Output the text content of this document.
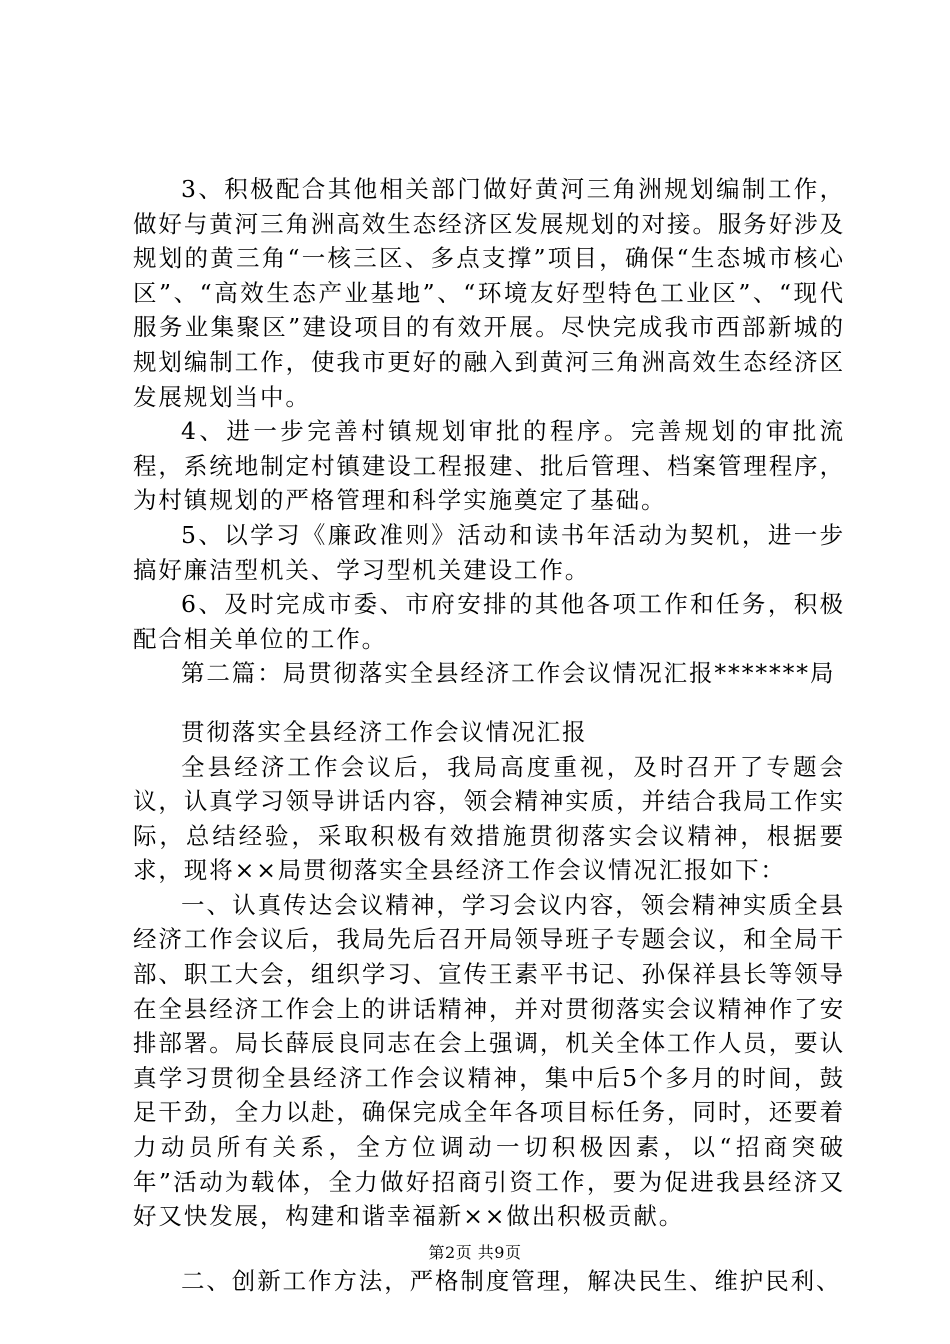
3、积极配合其他相关部门做好黄河三角洲规划编制工作，做好与黄河三角洲高效生态经济区发展规划的对接。服务好涉及规划的黄三角“一核三区、多点支撑”项目，确保“生态城市核心区”、“高效生态产业基地”、“环境友好型特色工业区”、“现代服务业集聚区”建设项目的有效开展。尽快完成我市西部新城的规划编制工作，使我市更好的融入到黄河三角洲高效生态经济区发展规划当中。

4、进一步完善村镇规划审批的程序。完善规划的审批流程，系统地制定村镇建设工程报建、批后管理、档案管理程序，为村镇规划的严格管理和科学实施奠定了基础。

5、以学习《廉政准则》活动和读书年活动为契机，进一步搞好廉洁型机关、学习型机关建设工作。

6、及时完成市委、市府安排的其他各项工作和任务，积极配合相关单位的工作。

第二篇：局贯彻落实全县经济工作会议情况汇报*******局

贯彻落实全县经济工作会议情况汇报

全县经济工作会议后，我局高度重视，及时召开了专题会议，认真学习领导讲话内容，领会精神实质，并结合我局工作实际，总结经验，采取积极有效措施贯彻落实会议精神，根据要求，现将××局贯彻落实全县经济工作会议情况汇报如下：

一、认真传达会议精神，学习会议内容，领会精神实质全县经济工作会议后，我局先后召开局领导班子专题会议，和全局干部、职工大会，组织学习、宣传王素平书记、孙保祥县长等领导在全县经济工作会上的讲话精神，并对贯彻落实会议精神作了安排部署。局长薛辰良同志在会上强调，机关全体工作人员，要认真学习贯彻全县经济工作会议精神，集中后5个多月的时间，鼓足干劲，全力以赴，确保完成全年各项目标任务，同时，还要着力动员所有关系，全方位调动一切积极因素，以“招商突破年”活动为载体，全力做好招商引资工作，要为促进我县经济又好又快发展，构建和谐幸福新××做出积极贡献。

二、创新工作方法，严格制度管理，解决民生、维护民利、

第2页 共9页
